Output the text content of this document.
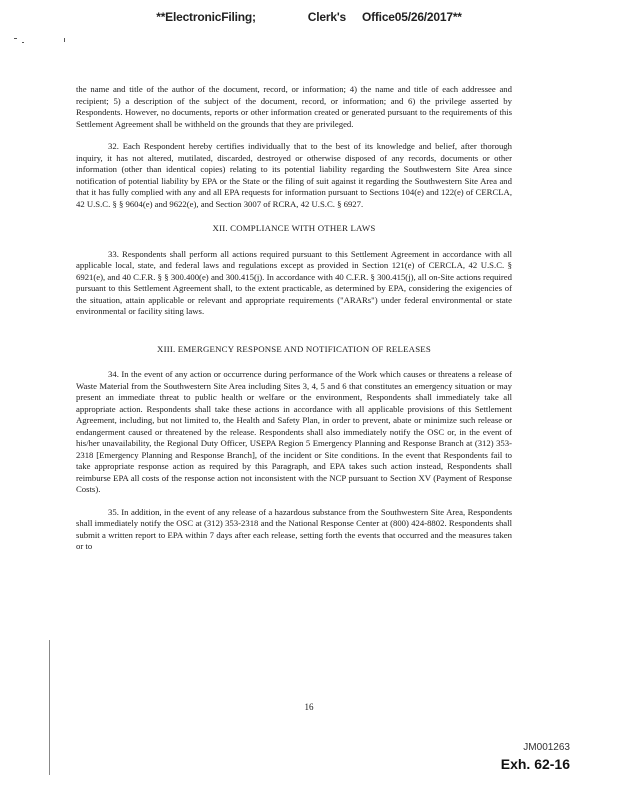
**ElectronicFiling;	Clerk's Office05/26/2017**

the name and title of the author of the document, record, or information; 4) the name and title of each addressee and recipient; 5) a description of the subject of the document, record, or information; and 6) the privilege asserted by Respondents. However, no documents, reports or other information created or generated pursuant to the requirements of this Settlement Agreement shall be withheld on the grounds that they are privileged.

32. Each Respondent hereby certifies individually that to the best of its knowledge and belief, after thorough inquiry, it has not altered, mutilated, discarded, destroyed or otherwise disposed of any records, documents or other information (other than identical copies) relating to its potential liability regarding the Southwestern Site Area since notification of potential liability by EPA or the State or the filing of suit against it regarding the Southwestern Site Area and that it has fully complied with any and all EPA requests for information pursuant to Sections 104(e) and 122(e) of CERCLA, 42 U.S.C. § § 9604(e) and 9622(e), and Section 3007 of RCRA, 42 U.S.C. § 6927.

XII. COMPLIANCE WITH OTHER LAWS

33. Respondents shall perform all actions required pursuant to this Settlement Agreement in accordance with all applicable local, state, and federal laws and regulations except as provided in Section 121(e) of CERCLA, 42 U.S.C. § 6921(e), and 40 C.F.R. § § 300.400(e) and 300.415(j). In accordance with 40 C.F.R. § 300.415(j), all on-Site actions required pursuant to this Settlement Agreement shall, to the extent practicable, as determined by EPA, considering the exigencies of the situation, attain applicable or relevant and appropriate requirements ("ARARs") under federal environmental or state environmental or facility siting laws.

XIII. EMERGENCY RESPONSE AND NOTIFICATION OF RELEASES

34. In the event of any action or occurrence during performance of the Work which causes or threatens a release of Waste Material from the Southwestern Site Area including Sites 3, 4, 5 and 6 that constitutes an emergency situation or may present an immediate threat to public health or welfare or the environment, Respondents shall immediately take all appropriate action. Respondents shall take these actions in accordance with all applicable provisions of this Settlement Agreement, including, but not limited to, the Health and Safety Plan, in order to prevent, abate or minimize such release or endangerment caused or threatened by the release. Respondents shall also immediately notify the OSC or, in the event of his/her unavailability, the Regional Duty Officer, USEPA Region 5 Emergency Planning and Response Branch at (312) 353-2318 [Emergency Planning and Response Branch], of the incident or Site conditions. In the event that Respondents fail to take appropriate response action as required by this Paragraph, and EPA takes such action instead, Respondents shall reimburse EPA all costs of the response action not inconsistent with the NCP pursuant to Section XV (Payment of Response Costs).

35. In addition, in the event of any release of a hazardous substance from the Southwestern Site Area, Respondents shall immediately notify the OSC at (312) 353-2318 and the National Response Center at (800) 424-8802. Respondents shall submit a written report to EPA within 7 days after each release, setting forth the events that occurred and the measures taken or to

16
JM001263
Exh. 62-16
